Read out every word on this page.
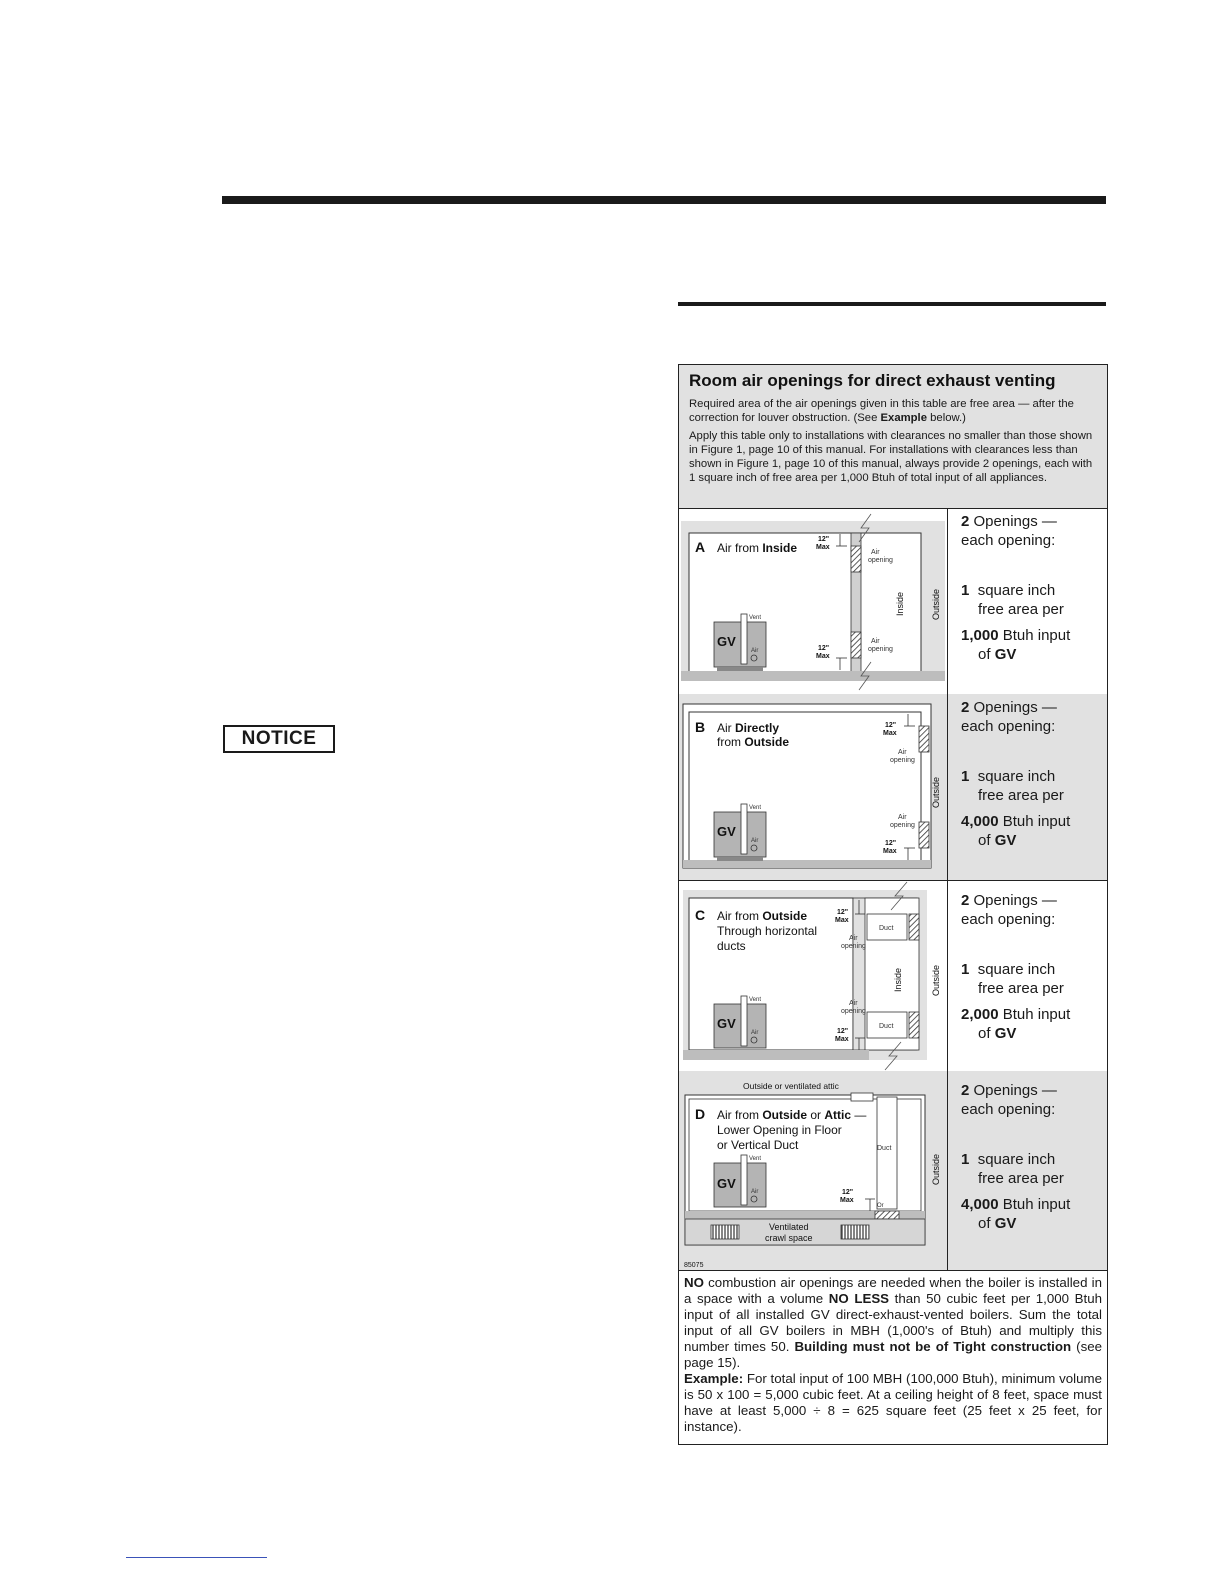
NOTICE
Room air openings for direct exhaust venting

Required area of the air openings given in this table are free area — after the correction for louver obstruction. (See Example below.)

Apply this table only to installations with clearances no smaller than those shown in Figure 1, page 10 of this manual. For installations with clearances less than shown in Figure 1, page 10 of this manual, always provide 2 openings, each with 1 square inch of free area per 1,000 Btuh of total input of all appliances.

A Air from Inside
12"
Max
Air
opening
Air
opening
12"
Max
Inside	Outside
Vent
GV
Air
2 Openings —
each opening:
1 square inch
free area per
1,000 Btuh input
of GV
B Air Directly
from Outside
12"
Max
Air
opening
Air
opening
12"
Max
Outside
Vent
GV
Air
2 Openings —
each opening:
1 square inch
free area per
4,000 Btuh input
of GV
C Air from Outside
Through horizontal
ducts
12"
Max
Air
opening
Air
opening
12"
Max
Duct
Duct
Inside	Outside
Vent
GV
Air
2 Openings —
each opening:
1 square inch
free area per
2,000 Btuh input
of GV
Outside or ventilated attic
D Air from Outside or Attic —
Lower Opening in Floor
or Vertical Duct	Duct
12"
Max
Or
Outside
Vent
GV
Air
Ventilated
crawl space
85075
2 Openings —
each opening:
1 square inch
free area per
4,000 Btuh input
of GV

NO combustion air openings are needed when the boiler is installed in a space with a volume NO LESS than 50 cubic feet per 1,000 Btuh input of all installed GV direct-exhaust-vented boilers. Sum the total input of all GV boilers in MBH (1,000's of Btuh) and multiply this number times 50. Building must not be of Tight construction (see page 15).

Example: For total input of 100 MBH (100,000 Btuh), minimum volume is 50 x 100 = 5,000 cubic feet. At a ceiling height of 8 feet, space must have at least 5,000 ÷ 8 = 625 square feet (25 feet x 25 feet, for instance).
